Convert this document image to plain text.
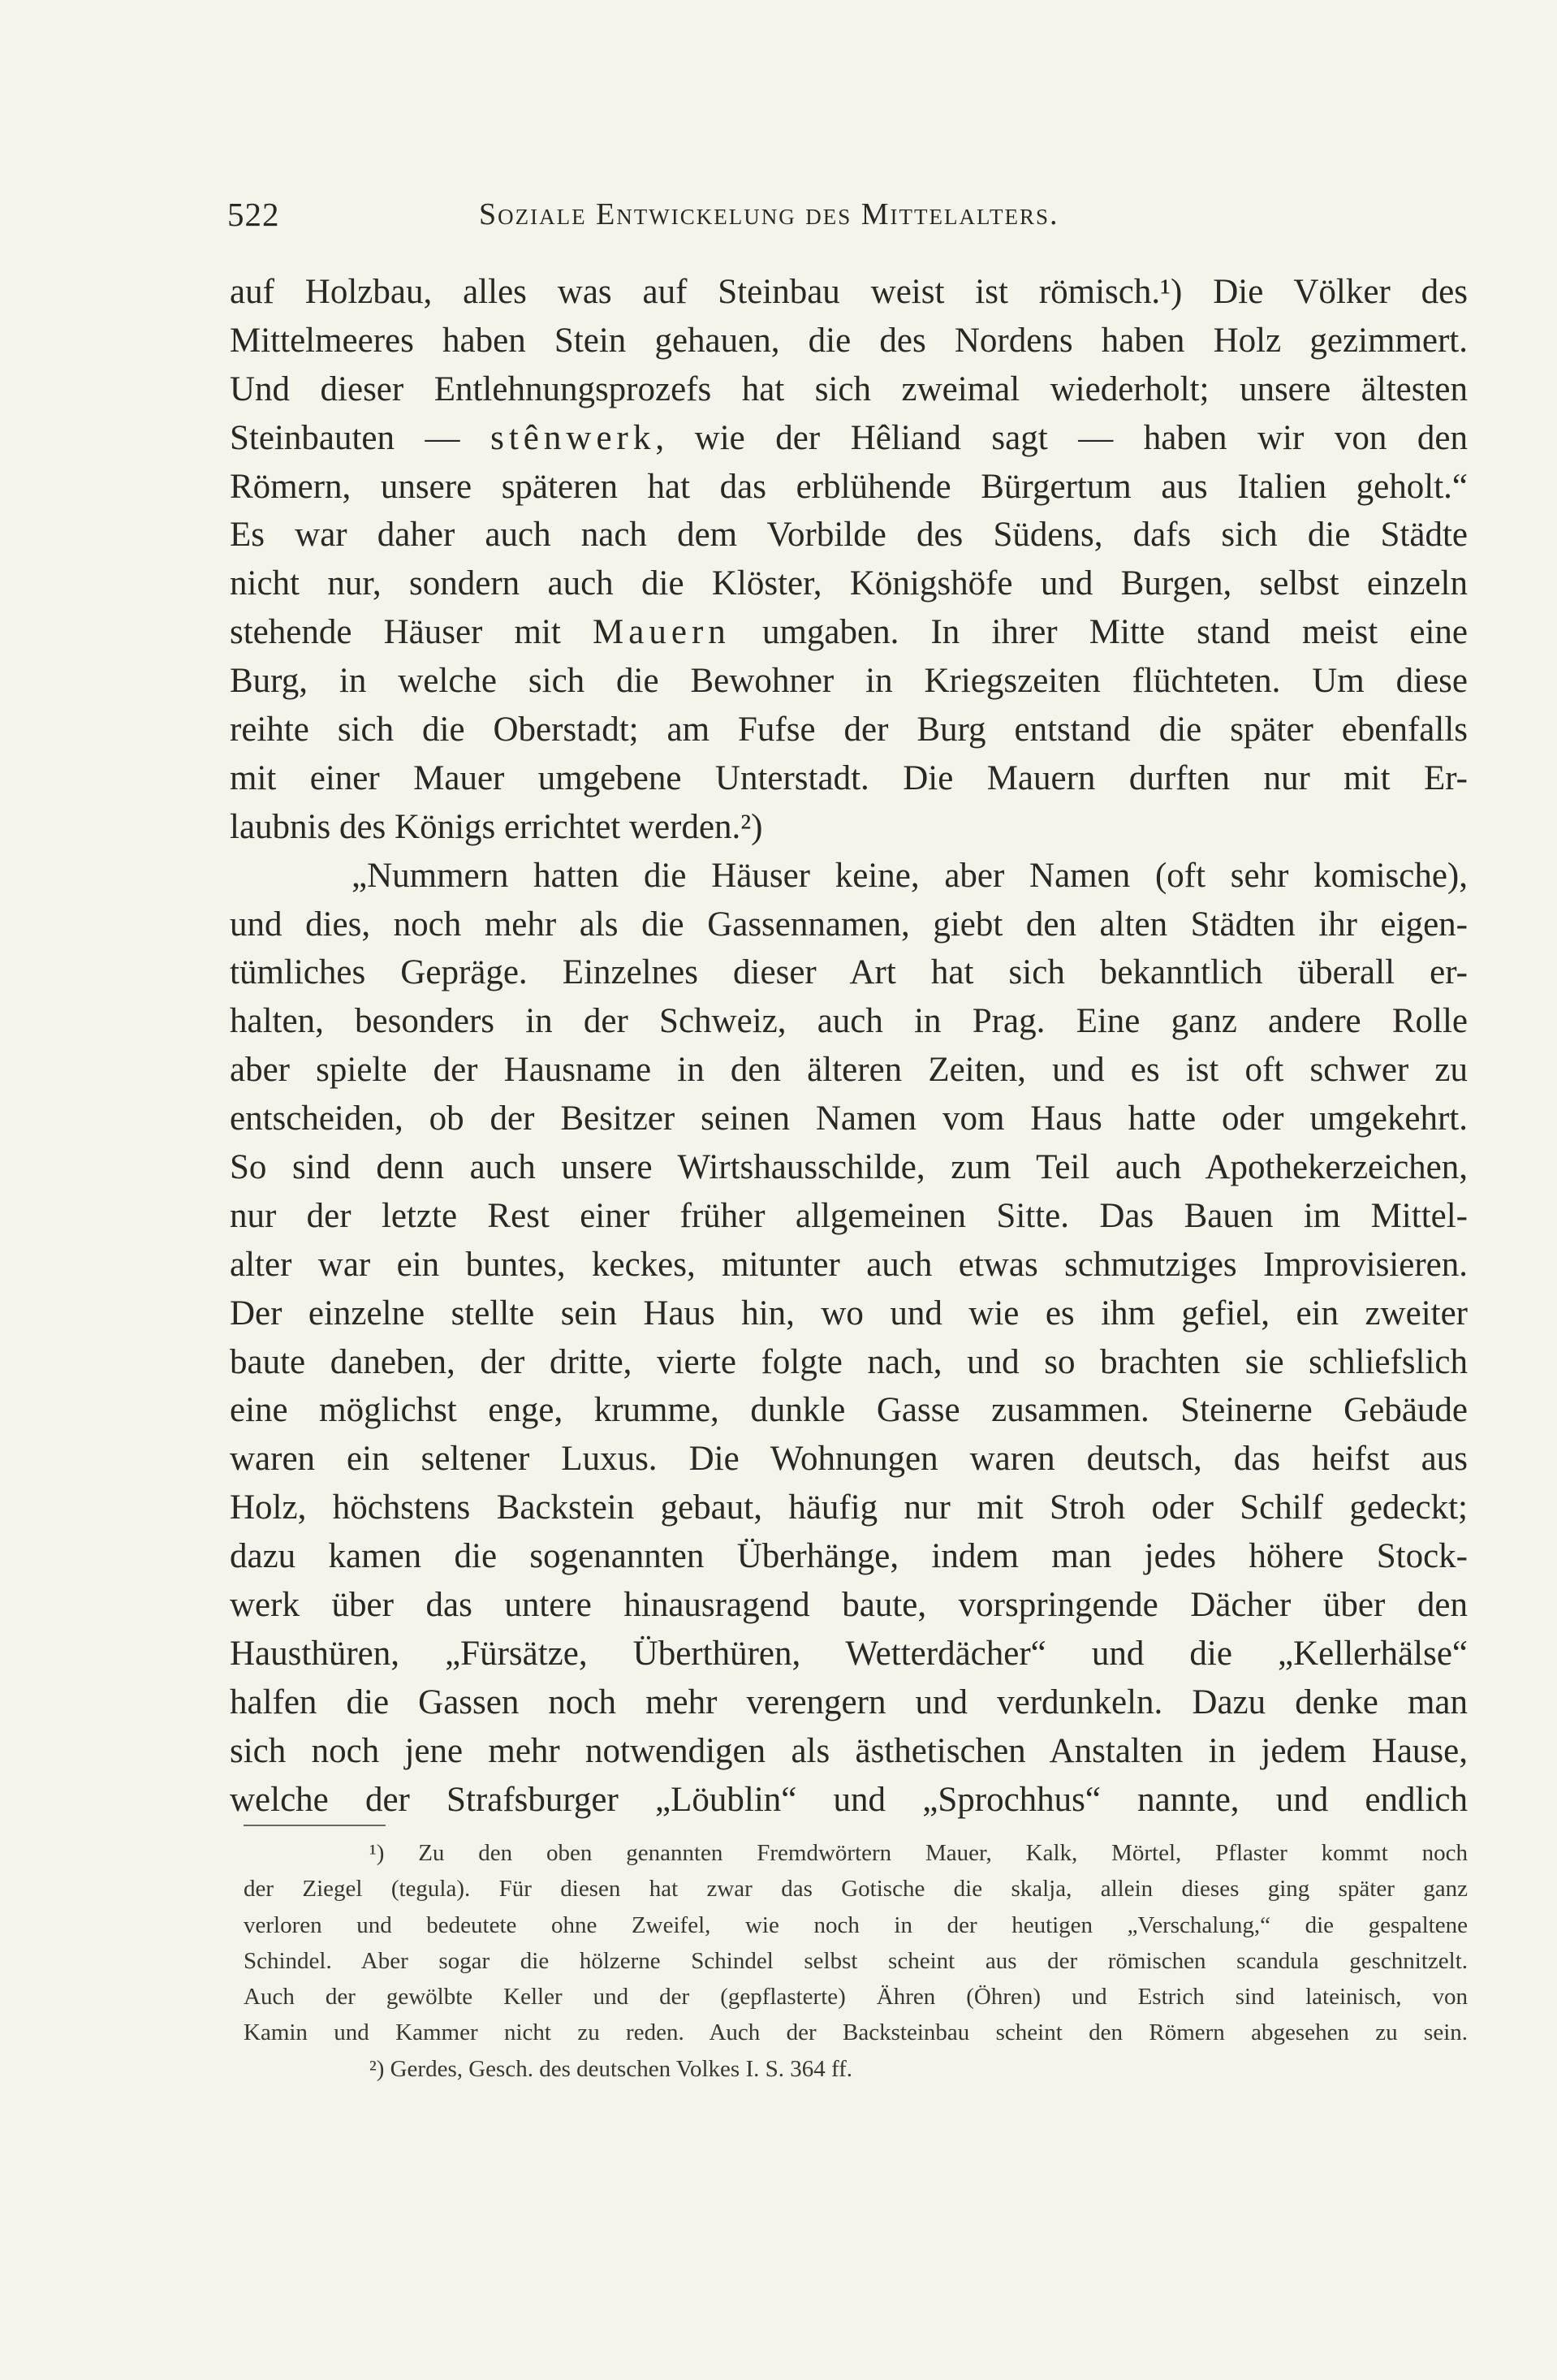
522	Soziale Entwickelung des Mittelalters.
auf Holzbau, alles was auf Steinbau weist ist römisch.¹) Die Völker des
Mittelmeeres haben Stein gehauen, die des Nordens haben Holz gezimmert.
Und dieser Entlehnungsprozefs hat sich zweimal wiederholt; unsere ältesten
Steinbauten — stênwerk, wie der Hêliand sagt — haben wir von den
Römern, unsere späteren hat das erblühende Bürgertum aus Italien geholt.“
Es war daher auch nach dem Vorbilde des Südens, dafs sich die Städte
nicht nur, sondern auch die Klöster, Königshöfe und Burgen, selbst einzeln
stehende Häuser mit Mauern umgaben. In ihrer Mitte stand meist eine
Burg, in welche sich die Bewohner in Kriegszeiten flüchteten. Um diese
reihte sich die Oberstadt; am Fufse der Burg entstand die später ebenfalls
mit einer Mauer umgebene Unterstadt. Die Mauern durften nur mit Er-
laubnis des Königs errichtet werden.²)
„Nummern hatten die Häuser keine, aber Namen (oft sehr komische),
und dies, noch mehr als die Gassennamen, giebt den alten Städten ihr eigen-
tümliches Gepräge. Einzelnes dieser Art hat sich bekanntlich überall er-
halten, besonders in der Schweiz, auch in Prag. Eine ganz andere Rolle
aber spielte der Hausname in den älteren Zeiten, und es ist oft schwer zu
entscheiden, ob der Besitzer seinen Namen vom Haus hatte oder umgekehrt.
So sind denn auch unsere Wirtshausschilde, zum Teil auch Apothekerzeichen,
nur der letzte Rest einer früher allgemeinen Sitte. Das Bauen im Mittel-
alter war ein buntes, keckes, mitunter auch etwas schmutziges Improvisieren.
Der einzelne stellte sein Haus hin, wo und wie es ihm gefiel, ein zweiter
baute daneben, der dritte, vierte folgte nach, und so brachten sie schliefslich
eine möglichst enge, krumme, dunkle Gasse zusammen. Steinerne Gebäude
waren ein seltener Luxus. Die Wohnungen waren deutsch, das heifst aus
Holz, höchstens Backstein gebaut, häufig nur mit Stroh oder Schilf gedeckt;
dazu kamen die sogenannten Überhänge, indem man jedes höhere Stock-
werk über das untere hinausragend baute, vorspringende Dächer über den
Hausthüren, „Fürsätze, Überthüren, Wetterdächer“ und die „Kellerhälse“
halfen die Gassen noch mehr verengern und verdunkeln. Dazu denke man
sich noch jene mehr notwendigen als ästhetischen Anstalten in jedem Hause,
welche der Strafsburger „Löublin“ und „Sprochhus“ nannte, und endlich
¹) Zu den oben genannten Fremdwörtern Mauer, Kalk, Mörtel, Pflaster kommt noch
der Ziegel (tegula). Für diesen hat zwar das Gotische die skalja, allein dieses ging später ganz
verloren und bedeutete ohne Zweifel, wie noch in der heutigen „Verschalung,“ die gespaltene
Schindel. Aber sogar die hölzerne Schindel selbst scheint aus der römischen scandula geschnitzelt.
Auch der gewölbte Keller und der (gepflasterte) Ähren (Öhren) und Estrich sind lateinisch, von
Kamin und Kammer nicht zu reden. Auch der Backsteinbau scheint den Römern abgesehen zu sein.
²) Gerdes, Gesch. des deutschen Volkes I. S. 364 ff.
